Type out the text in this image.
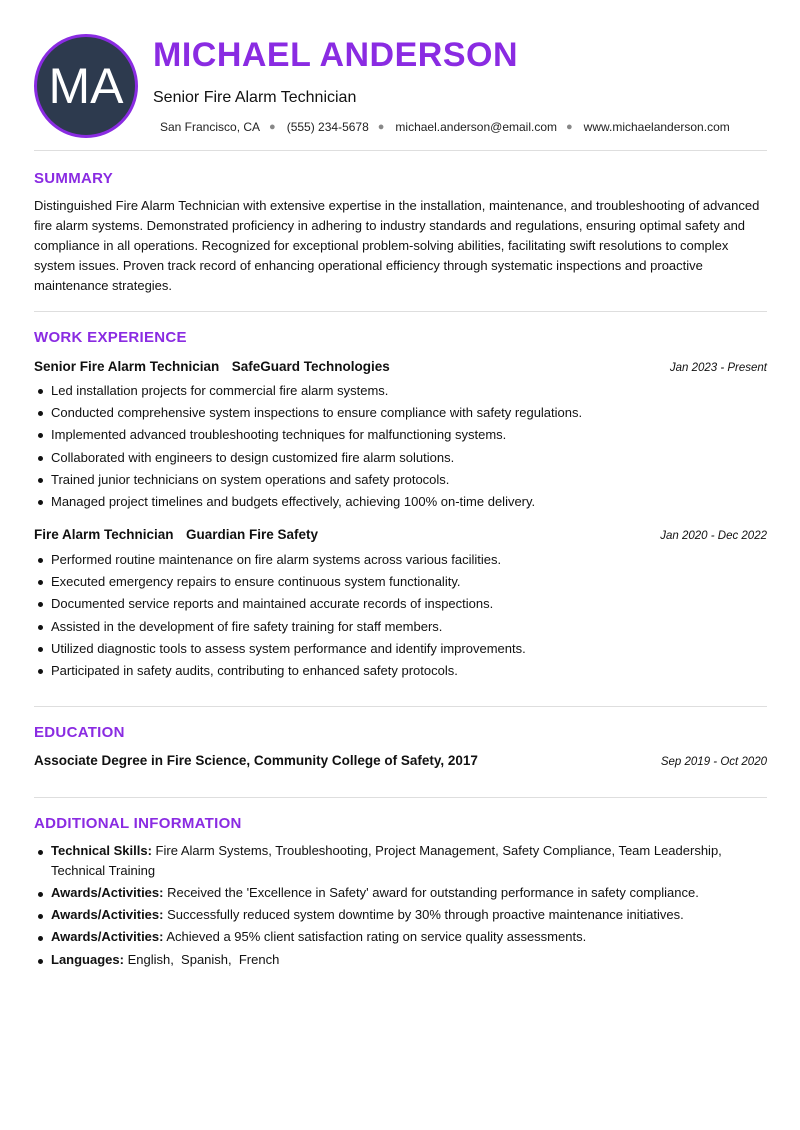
MA
MICHAEL ANDERSON
Senior Fire Alarm Technician
San Francisco, CA ● (555) 234-5678 ● michael.anderson@email.com ● www.michaelanderson.com
SUMMARY

Distinguished Fire Alarm Technician with extensive expertise in the installation, maintenance, and troubleshooting of advanced fire alarm systems. Demonstrated proficiency in adhering to industry standards and regulations, ensuring optimal safety and compliance in all operations. Recognized for exceptional problem-solving abilities, facilitating swift resolutions to complex system issues. Proven track record of enhancing operational efficiency through systematic inspections and proactive maintenance strategies.

WORK EXPERIENCE
Senior Fire Alarm Technician SafeGuard Technologies	Jan 2023 - Present
Led installation projects for commercial fire alarm systems.
Conducted comprehensive system inspections to ensure compliance with safety regulations.
Implemented advanced troubleshooting techniques for malfunctioning systems.
Collaborated with engineers to design customized fire alarm solutions.
Trained junior technicians on system operations and safety protocols.
Managed project timelines and budgets effectively, achieving 100% on-time delivery.
Fire Alarm Technician Guardian Fire Safety	Jan 2020 - Dec 2022
Performed routine maintenance on fire alarm systems across various facilities.
Executed emergency repairs to ensure continuous system functionality.
Documented service reports and maintained accurate records of inspections.
Assisted in the development of fire safety training for staff members.
Utilized diagnostic tools to assess system performance and identify improvements.
Participated in safety audits, contributing to enhanced safety protocols.
EDUCATION
Associate Degree in Fire Science, Community College of Safety, 2017	Sep 2019 - Oct 2020
ADDITIONAL INFORMATION
Technical Skills: Fire Alarm Systems, Troubleshooting, Project Management, Safety Compliance, Team Leadership, Technical Training
Awards/Activities: Received the 'Excellence in Safety' award for outstanding performance in safety compliance.
Awards/Activities: Successfully reduced system downtime by 30% through proactive maintenance initiatives.
Awards/Activities: Achieved a 95% client satisfaction rating on service quality assessments.
Languages: English,  Spanish,  French
